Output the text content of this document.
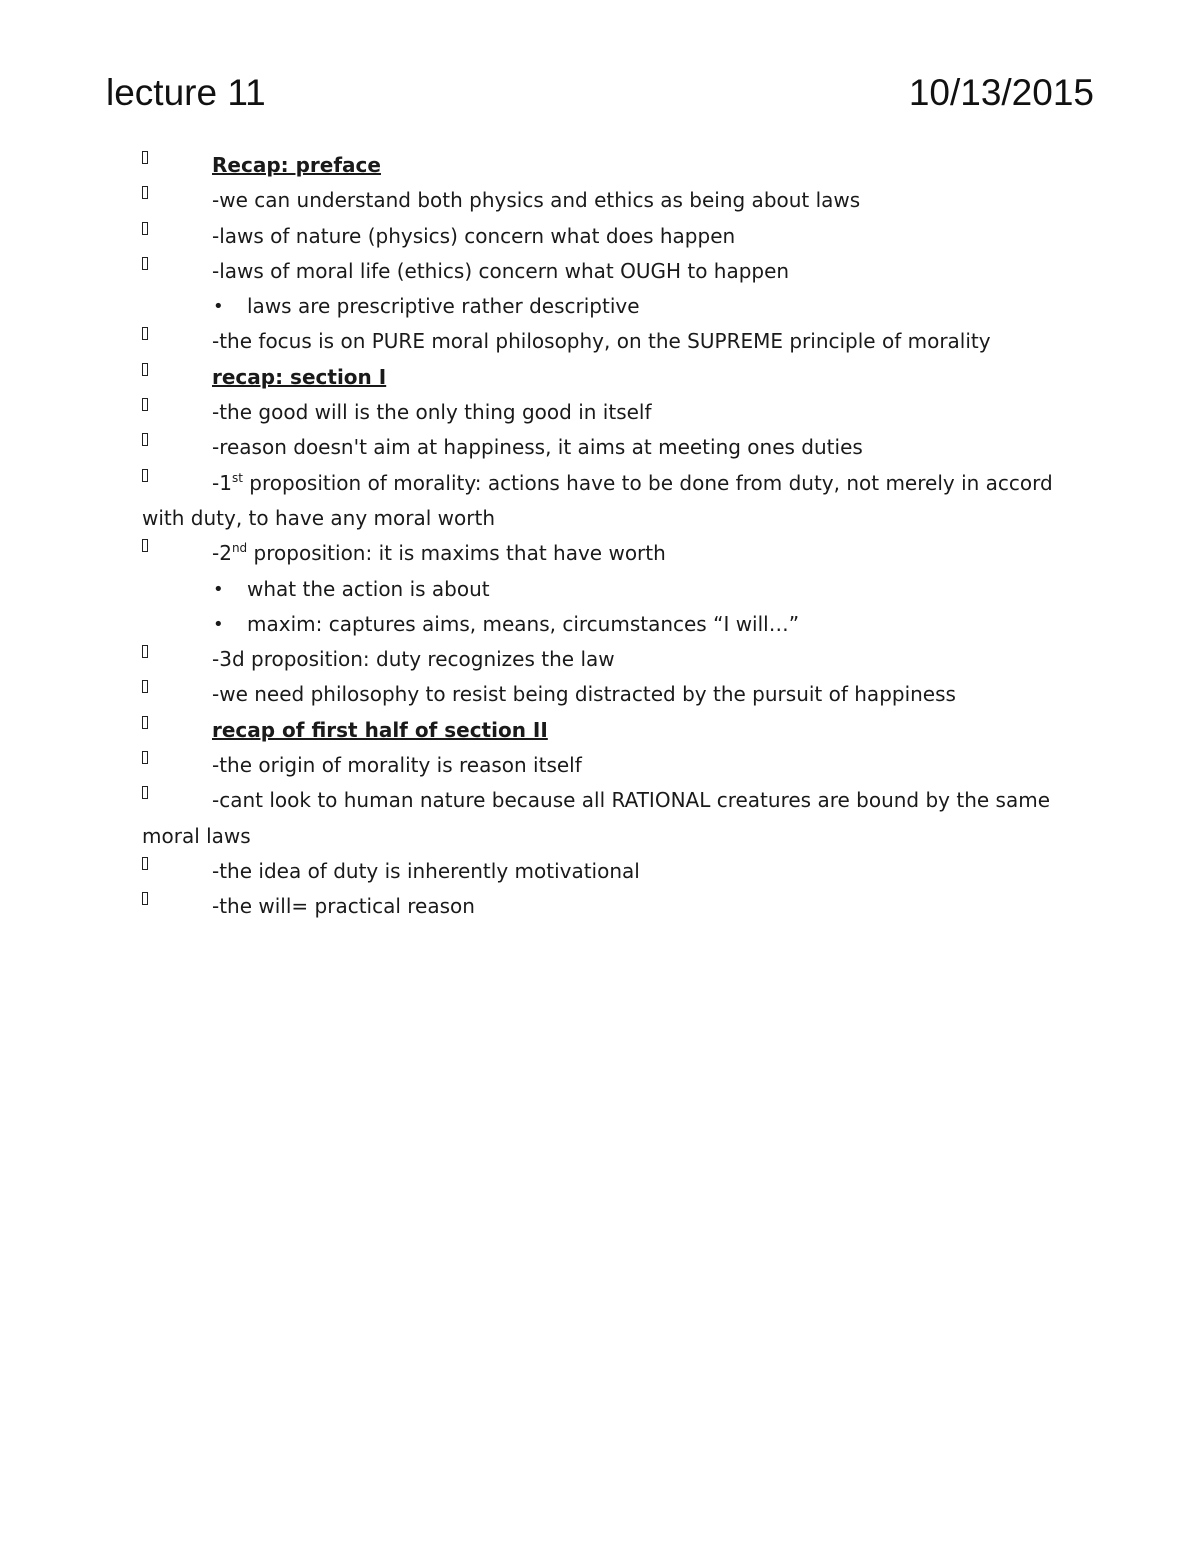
lecture 11	10/13/2015
Recap: preface
-we can understand both physics and ethics as being about laws
-laws of nature (physics) concern what does happen
-laws of moral life (ethics) concern what OUGH to happen
• laws are prescriptive rather descriptive
-the focus is on PURE moral philosophy, on the SUPREME principle of morality
recap: section I
-the good will is the only thing good in itself
-reason doesn't aim at happiness, it aims at meeting ones duties
-1st proposition of morality: actions have to be done from duty, not merely in accord with duty, to have any moral worth
-2nd proposition: it is maxims that have worth
• what the action is about
• maxim: captures aims, means, circumstances “I will…”
-3d proposition: duty recognizes the law
-we need philosophy to resist being distracted by the pursuit of happiness
recap of first half of section II
-the origin of morality is reason itself
-cant look to human nature because all RATIONAL creatures are bound by the same moral laws
-the idea of duty is inherently motivational
-the will= practical reason
